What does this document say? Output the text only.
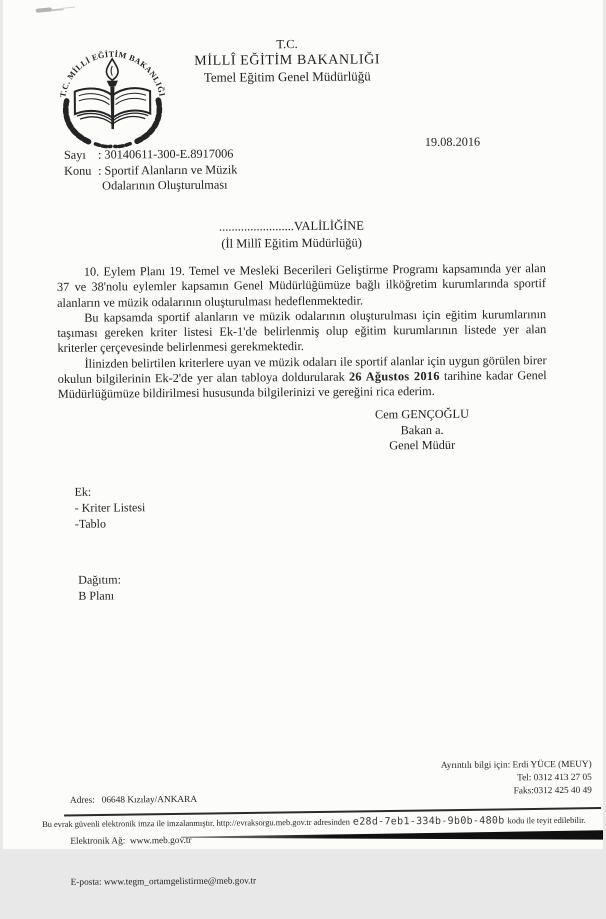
T.C. MİLLİ EĞİTİM BAKANLIĞI
T.C.
MİLLÎ EĞİTİM BAKANLIĞI
Temel Eğitim Genel Müdürlüğü
19.08.2016
Sayı : 30140611-300-E.8917006
Konu : Sportif Alanların ve Müzik
Odalarının Oluşturulması
........................VALİLİĞİNE
(İl Millî Eğitim Müdürlüğü)

10. Eylem Planı 19. Temel ve Mesleki Becerileri Geliştirme Programı kapsamında yer alan 37 ve 38'nolu eylemler kapsamın Genel Müdürlüğümüze bağlı ilköğretim kurumlarında sportif alanların ve müzik odalarının oluşturulması hedeflenmektedir.

Bu kapsamda sportif alanların ve müzik odalarının oluşturulması için eğitim kurumlarının taşıması gereken kriter listesi Ek-1'de belirlenmiş olup eğitim kurumlarının listede yer alan kriterler çerçevesinde belirlenmesi gerekmektedir.

İlinizden belirtilen kriterlere uyan ve müzik odaları ile sportif alanlar için uygun görülen birer okulun bilgilerinin Ek-2'de yer alan tabloya doldurularak 26 Ağustos 2016 tarihine kadar Genel Müdürlüğümüze bildirilmesi hususunda bilgilerinizi ve gereğini rica ederim.

Cem GENÇOĞLU
Bakan a.
Genel Müdür
Ek:
- Kriter Listesi
-Tablo
Dağıtım:
B Planı

Adres:   06648 Kızılay/ANKARA

Elektronik Ağ:  www.meb.gov.tr

E-posta: www.tegm_ortamgelistirme@meb.gov.tr

Ayrıntılı bilgi için: Erdi YÜCE (MEUY)
Tel: 0312 413 27 05
Faks:0312 425 40 49
Bu evrak güvenli elektronik imza ile imzalanmıştır. http://evraksorgu.meb.gov.tr adresinden e28d-7eb1-334b-9b0b-480b kodu ile teyit edilebilir.
